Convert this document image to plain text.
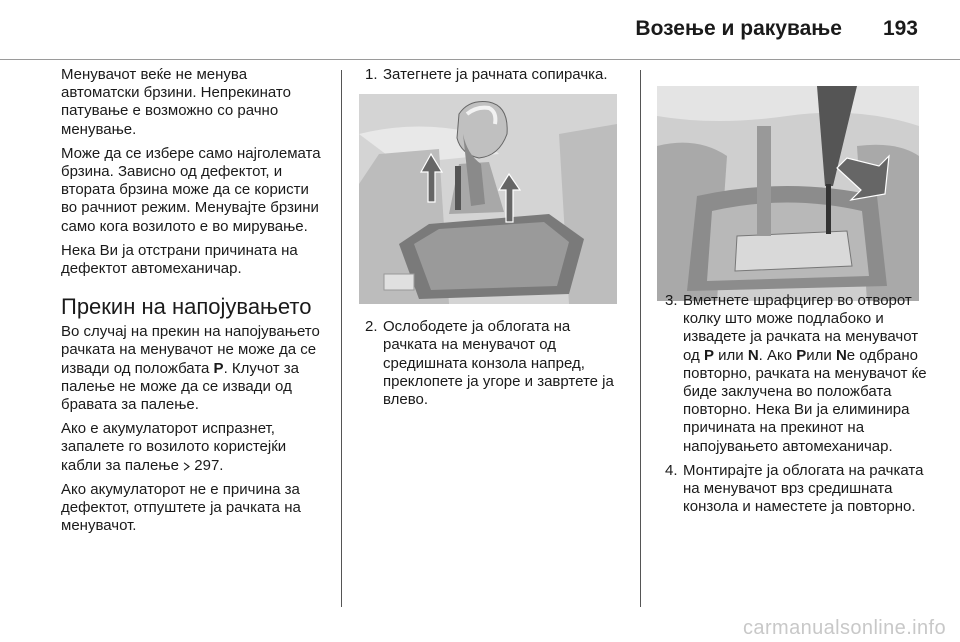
Возење и ракување 193

Менувачот веќе не менува автоматски брзини. Непрекинато патување е возможно со рачно менување.

Може да се избере само најголемата брзина. Зависно од дефектот, и втората брзина може да се користи во рачниот режим. Менувајте брзини само кога возилото е во мирување.

Нека Ви ја отстрани причината на дефектот автомеханичар.

Прекин на напојувањето

Во случај на прекин на напојувањето рачката на менувачот не може да се извади од положбата P. Клучот за палење не може да се извади од бравата за палење.

Ако е акумулаторот испразнет, запалете го возилото користејќи кабли за палење  297.

Ако акумулаторот не е причина за дефектот, отпуштете ја рачката на менувачот.

1. Затегнете ја рачната сопирачка.

2. Ослободете ја облогата на рачката на менувачот од средишната конзола напред, преклопете ја угоре и завртете ја влево.

3. Вметнете шрафцигер во отворот колку што може подлабоко и извадете ја рачката на менувачот од P или N. Ако Pили Nе одбрано повторно, рачката на менувачот ќе биде заклучена во положбата повторно. Нека Ви ја елиминира причината на прекинот на напојувањето автомеханичар.

4. Монтирајте ја облогата на рачката на менувачот врз средишната конзола и наместете ја повторно.

carmanualsonline.info
